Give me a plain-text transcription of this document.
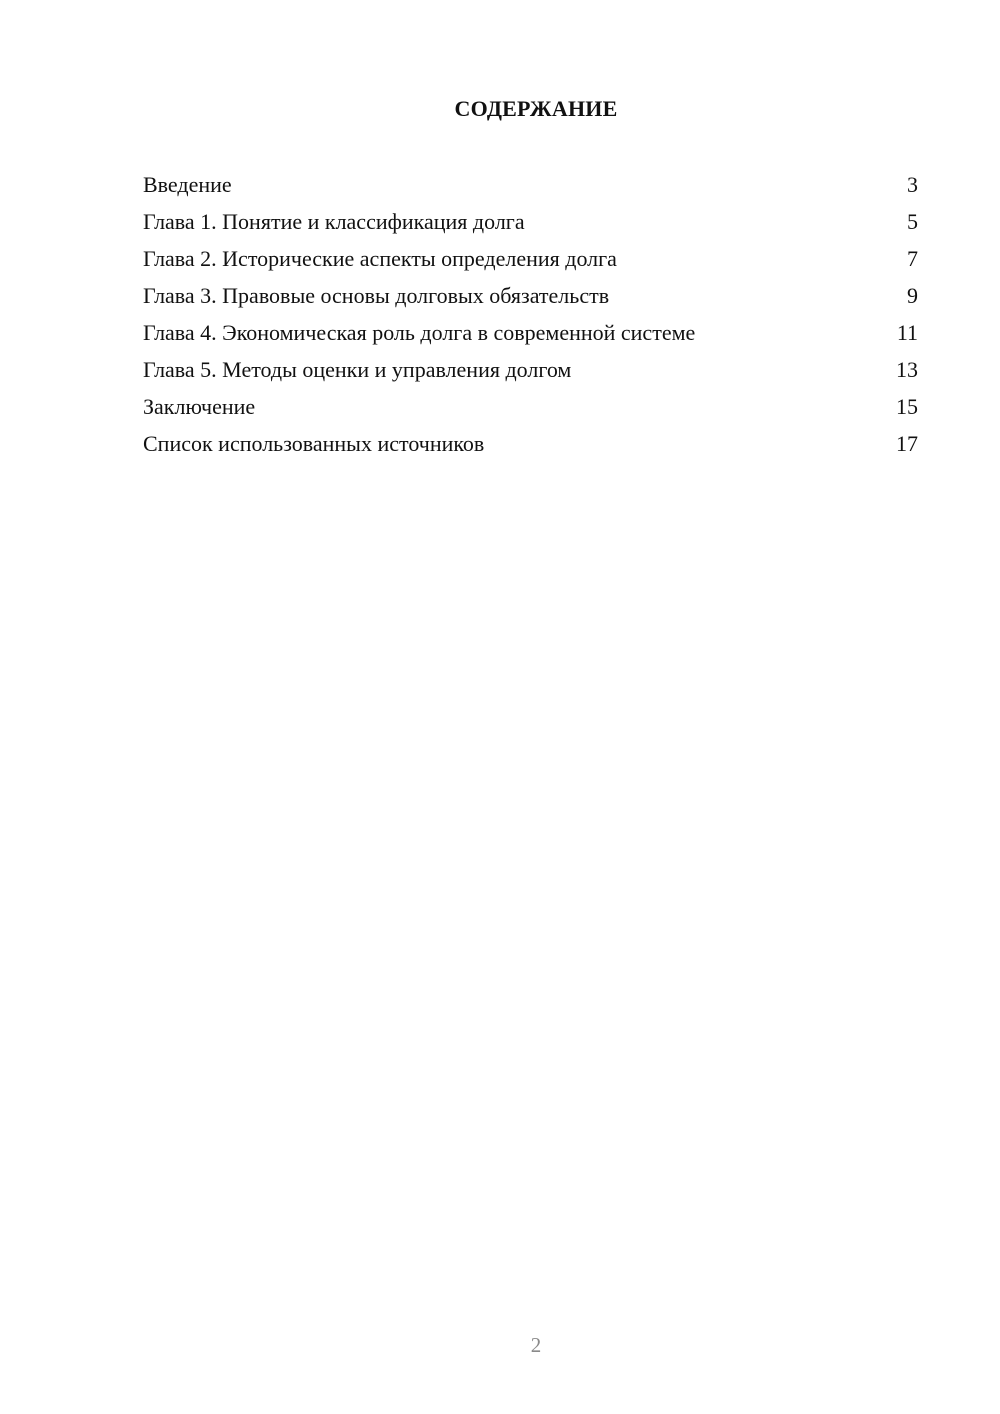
СОДЕРЖАНИЕ
Введение	3
Глава 1. Понятие и классификация долга	5
Глава 2. Исторические аспекты определения долга	7
Глава 3. Правовые основы долговых обязательств	9
Глава 4. Экономическая роль долга в современной системе	11
Глава 5. Методы оценки и управления долгом	13
Заключение	15
Список использованных источников	17
2
